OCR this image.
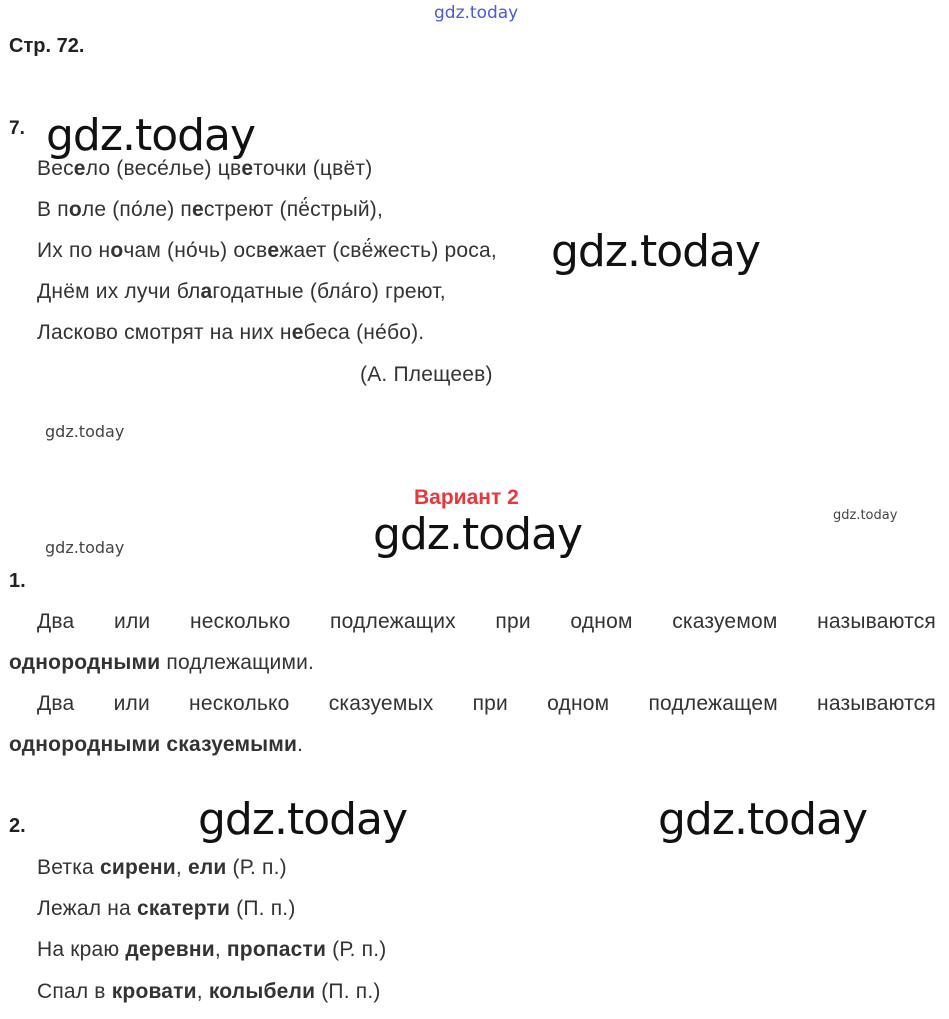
gdz.today
gdz.today
gdz.today
gdz.today
gdz.today	gdz.today
gdz.today
gdz.today	gdz.today
Стр. 72.
7.
Весело (весе́лье) цветочки (цвёт)
В поле (по́ле) пестреют (пё́стрый),
Их по ночам (но́чь) освежает (свё́жесть) роса,
Днём их лучи благодатные (бла́го) греют,
Ласково смотрят на них небеса (не́бо).
(А. Плещеев)
Вариант 2
1.
Два или несколько подлежащих при одном сказуемом называются
однородными подлежащими.
Два или несколько сказуемых при одном подлежащем называются
однородными сказуемыми.
2.
Ветка сирени, ели (Р. п.)
Лежал на скатерти (П. п.)
На краю деревни, пропасти (Р. п.)
Спал в кровати, колыбели (П. п.)
